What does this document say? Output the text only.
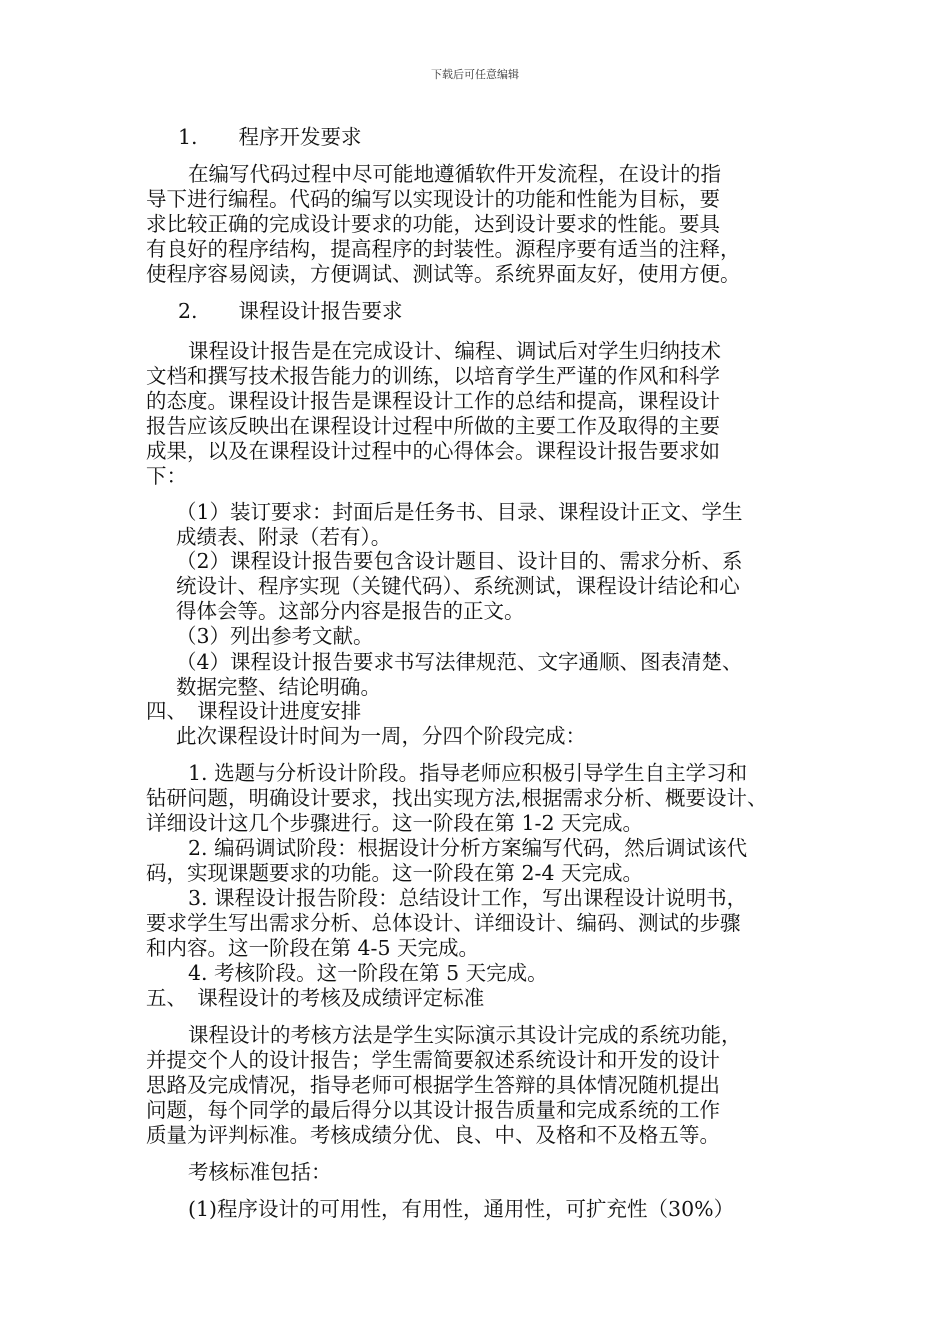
下载后可任意编辑
1.　　程序开发要求
在编写代码过程中尽可能地遵循软件开发流程，在设计的指
导下进行编程。代码的编写以实现设计的功能和性能为目标，要
求比较正确的完成设计要求的功能，达到设计要求的性能。要具
有良好的程序结构，提高程序的封装性。源程序要有适当的注释，
使程序容易阅读，方便调试、测试等。系统界面友好，使用方便。
2.　　课程设计报告要求
课程设计报告是在完成设计、编程、调试后对学生归纳技术
文档和撰写技术报告能力的训练，以培育学生严谨的作风和科学
的态度。课程设计报告是课程设计工作的总结和提高，课程设计
报告应该反映出在课程设计过程中所做的主要工作及取得的主要
成果，以及在课程设计过程中的心得体会。课程设计报告要求如
下：
（1）装订要求：封面后是任务书、目录、课程设计正文、学生
成绩表、附录（若有）。
（2）课程设计报告要包含设计题目、设计目的、需求分析、系
统设计、程序实现（关键代码）、系统测试，课程设计结论和心
得体会等。这部分内容是报告的正文。
（3）列出参考文献。
（4）课程设计报告要求书写法律规范、文字通顺、图表清楚、
数据完整、结论明确。
四、　课程设计进度安排
此次课程设计时间为一周，分四个阶段完成：
1. 选题与分析设计阶段。指导老师应积极引导学生自主学习和
钻研问题，明确设计要求，找出实现方法,根据需求分析、概要设计、
详细设计这几个步骤进行。这一阶段在第 1-2 天完成。
2. 编码调试阶段：根据设计分析方案编写代码，然后调试该代
码，实现课题要求的功能。这一阶段在第 2-4 天完成。
3. 课程设计报告阶段：总结设计工作，写出课程设计说明书，
要求学生写出需求分析、总体设计、详细设计、编码、测试的步骤
和内容。这一阶段在第 4-5 天完成。
4. 考核阶段。这一阶段在第 5 天完成。
五、　课程设计的考核及成绩评定标准
课程设计的考核方法是学生实际演示其设计完成的系统功能，
并提交个人的设计报告；学生需简要叙述系统设计和开发的设计
思路及完成情况，指导老师可根据学生答辩的具体情况随机提出
问题，每个同学的最后得分以其设计报告质量和完成系统的工作
质量为评判标准。考核成绩分优、良、中、及格和不及格五等。
考核标准包括：
(1)程序设计的可用性，有用性，通用性，可扩充性（30%）
